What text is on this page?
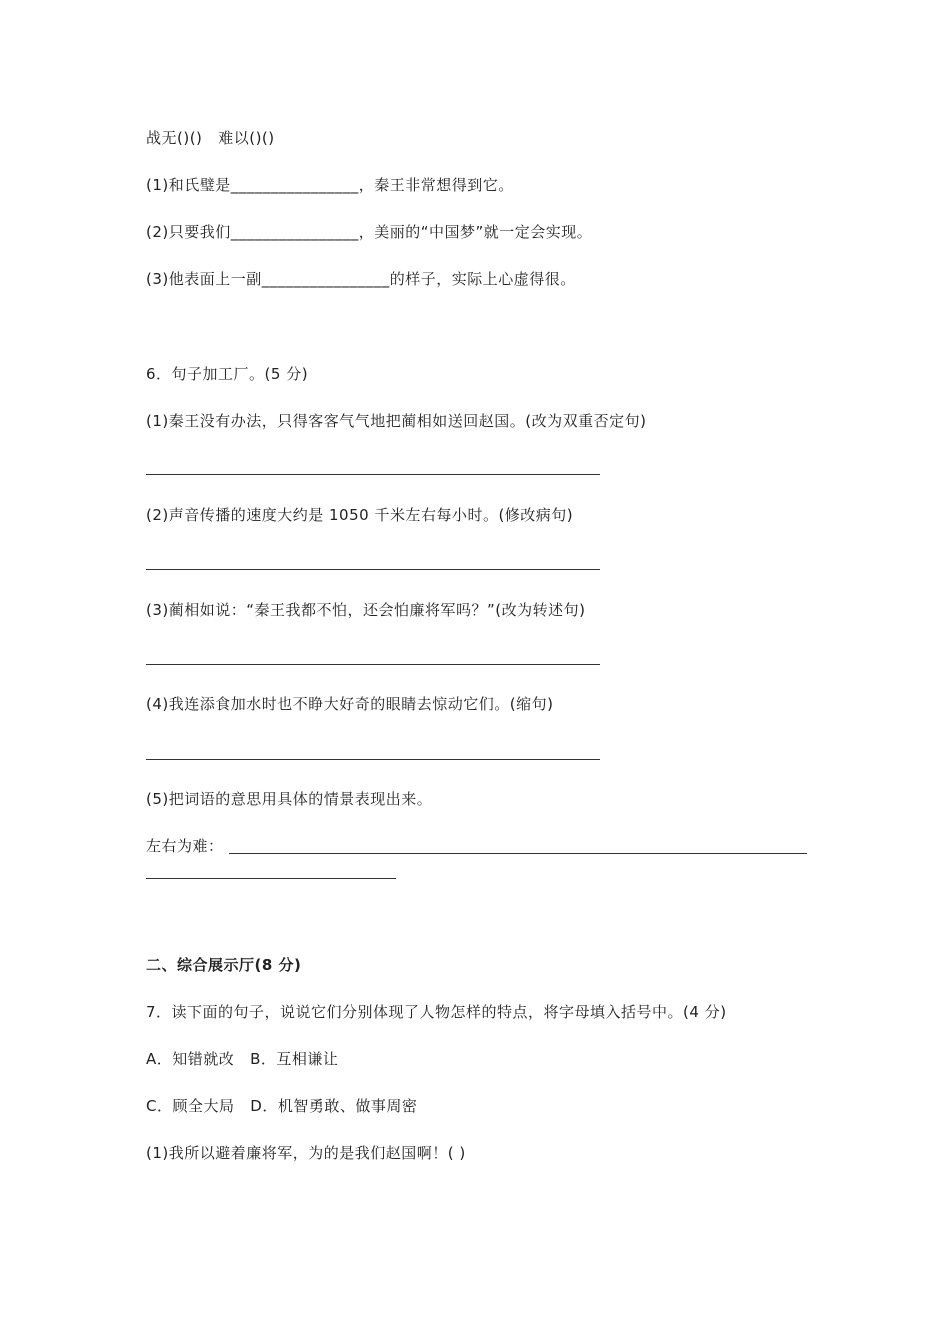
战无()()   难以()()
(1)和氏璧是________________，秦王非常想得到它。
(2)只要我们________________，美丽的“中国梦”就一定会实现。
(3)他表面上一副________________的样子，实际上心虚得很。
6．句子加工厂。(5 分)
(1)秦王没有办法，只得客客气气地把蔺相如送回赵国。(改为双重否定句)
(2)声音传播的速度大约是 1050 千米左右每小时。(修改病句)
(3)蔺相如说：“秦王我都不怕，还会怕廉将军吗？”(改为转述句)
(4)我连添食加水时也不睁大好奇的眼睛去惊动它们。(缩句)
(5)把词语的意思用具体的情景表现出来。
左右为难：
二、综合展示厅(8 分)
7．读下面的句子，说说它们分别体现了人物怎样的特点，将字母填入括号中。(4 分)
A．知错就改   B．互相谦让
C．顾全大局   D．机智勇敢、做事周密
(1)我所以避着廉将军，为的是我们赵国啊！( )
